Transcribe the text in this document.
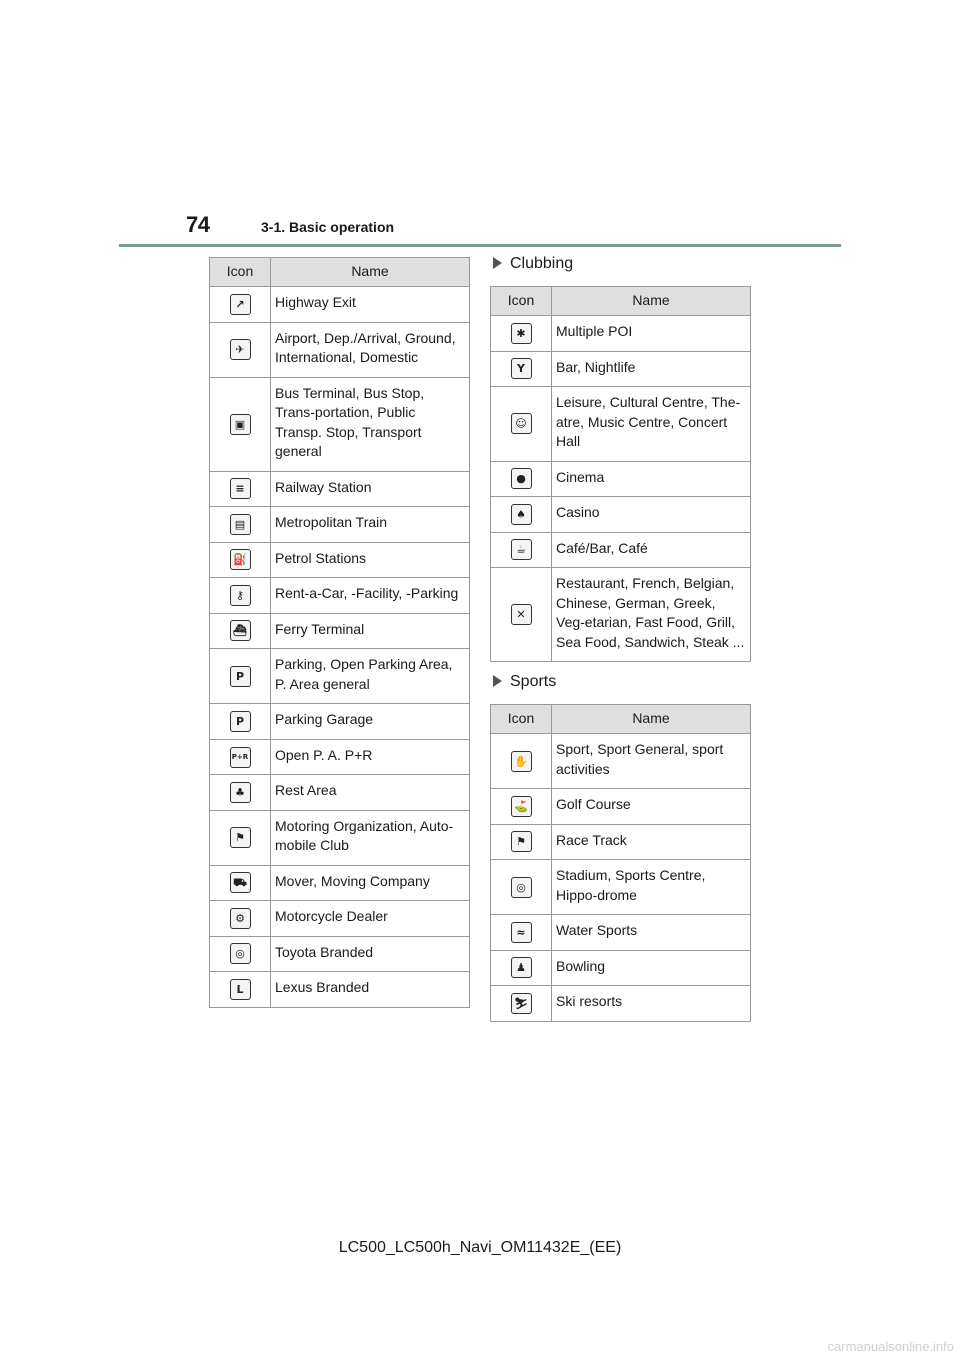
74	3-1. Basic operation
Icon	Name
↗	Highway Exit
✈	Airport, Dep./Arrival, Ground, International, Domestic
▣	Bus Terminal, Bus Stop, Trans-portation, Public Transp. Stop, Transport general
≡	Railway Station
▤	Metropolitan Train
⛽	Petrol Stations
⚷	Rent-a-Car, -Facility, -Parking
⛴	Ferry Terminal
P	Parking, Open Parking Area, P. Area general
P	Parking Garage
P+R	Open P. A. P+R
♣	Rest Area
⚑	Motoring Organization, Auto-mobile Club
⛟	Mover, Moving Company
⚙	Motorcycle Dealer
◎	Toyota Branded
L	Lexus Branded
Clubbing
Icon	Name
✱	Multiple POI
Y	Bar, Nightlife
☺	Leisure, Cultural Centre, The-atre, Music Centre, Concert Hall
●	Cinema
♠	Casino
☕	Café/Bar, Café
✕	Restaurant, French, Belgian, Chinese, German, Greek, Veg-etarian, Fast Food, Grill, Sea Food, Sandwich, Steak ...
Sports
Icon	Name
✋	Sport, Sport General, sport activities
⛳	Golf Course
⚑	Race Track
◎	Stadium, Sports Centre, Hippo-drome
≈	Water Sports
♟	Bowling
⛷	Ski resorts
LC500_LC500h_Navi_OM11432E_(EE)
carmanualsonline.info
